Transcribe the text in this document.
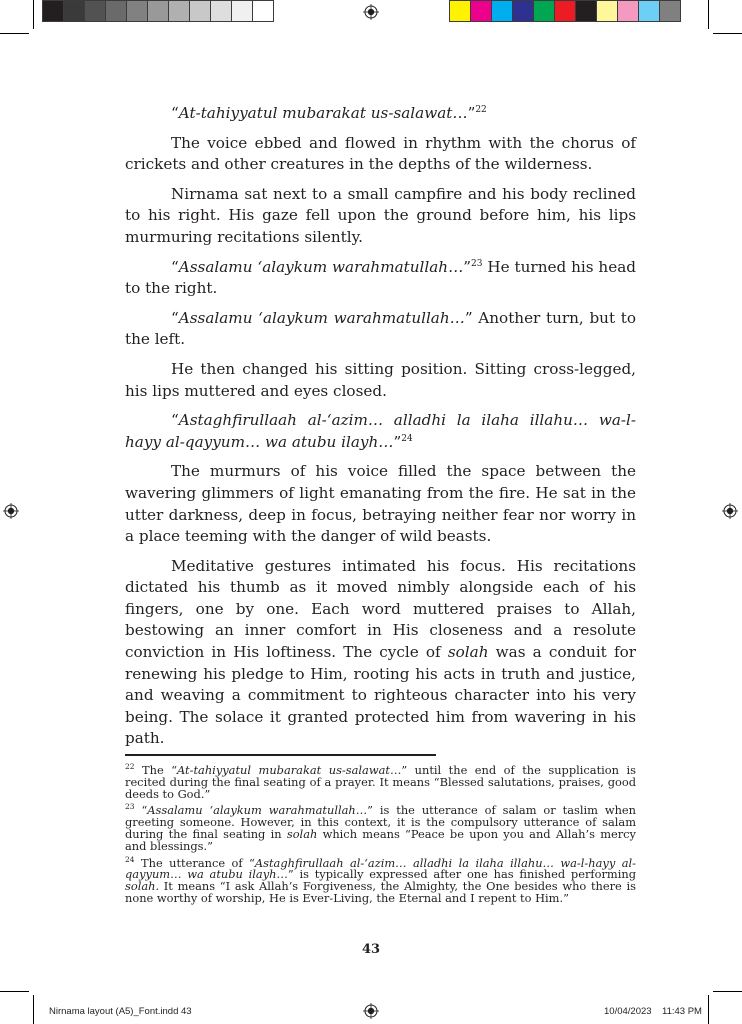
“At-tahiyyatul mubarakat us-salawat…”$^{22}$

The voice ebbed and flowed in rhythm with the chorus of crickets and other creatures in the depths of the wilderness.

Nirnama sat next to a small campfire and his body reclined to his right. His gaze fell upon the ground before him, his lips murmuring recitations silently.

“Assalamu ‘alaykum warahmatullah…”$^{23}$ He turned his head to the right.

“Assalamu ‘alaykum warahmatullah…” Another turn, but to the left.

He then changed his sitting position. Sitting cross-legged, his lips muttered and eyes closed.

“Astaghfirullaah al-‘azim… alladhi la ilaha illahu… wa-l-hayy al-qayyum… wa atubu ilayh…”$^{24}$

The murmurs of his voice filled the space between the wavering glimmers of light emanating from the fire. He sat in the utter darkness, deep in focus, betraying neither fear nor worry in a place teeming with the danger of wild beasts.

Meditative gestures intimated his focus. His recitations dictated his thumb as it moved nimbly alongside each of his fingers, one by one. Each word muttered praises to Allah, bestowing an inner comfort in His closeness and a resolute conviction in His loftiness. The cycle of solah was a conduit for renewing his pledge to Him, rooting his acts in truth and justice, and weaving a commitment to righteous character into his very being. The solace it granted protected him from wavering in his path.

$^{22}$ The “At-tahiyyatul mubarakat us-salawat…” until the end of the supplication is recited during the final seating of a prayer. It means “Blessed salutations, praises, good deeds to God.”

$^{23}$ “Assalamu ‘alaykum warahmatullah…” is the utterance of salam or taslim when greeting someone. However, in this context, it is the compulsory utterance of salam during the final seating in solah which means “Peace be upon you and Allah’s mercy and blessings.”

$^{24}$ The utterance of “Astaghfirullaah al-‘azim… alladhi la ilaha illahu… wa-l-hayy al-qayyum… wa atubu ilayh…” is typically expressed after one has finished performing solah. It means “I ask Allah’s Forgiveness, the Almighty, the One besides who there is none worthy of worship, He is Ever-Living, the Eternal and I repent to Him.”

43
Nirnama layout (A5)_Font.indd 43	10/04/2023 11:43 PM
